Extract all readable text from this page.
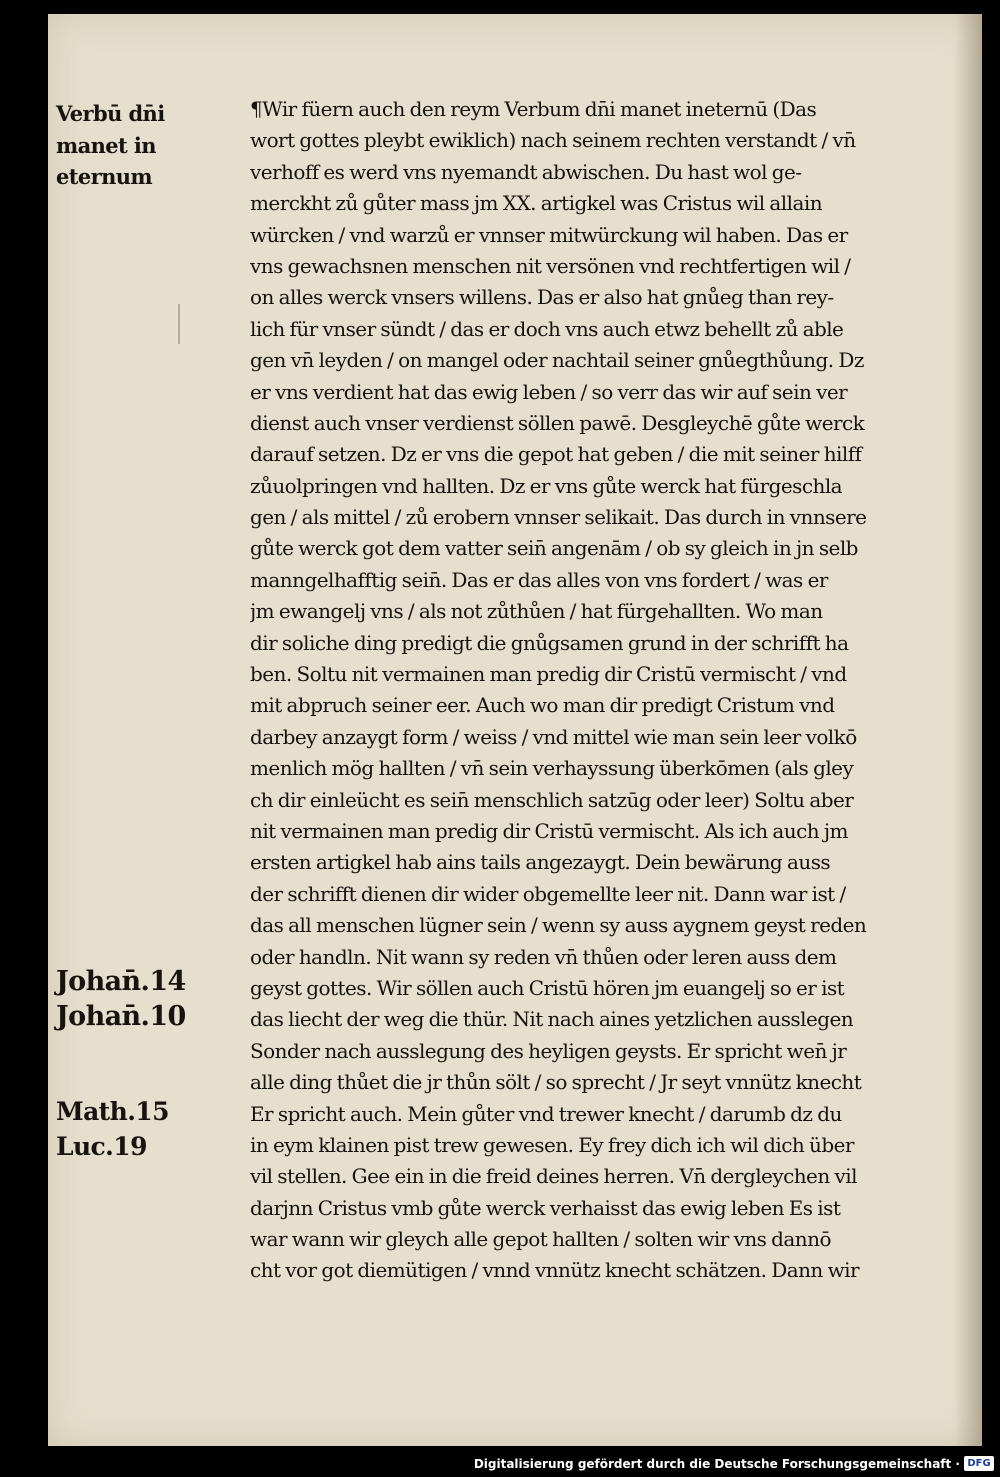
Verbū dn̄i
manet in
eternum
Johan̄.14
Johan̄.10
Math.15
Luc.19
¶Wir füern auch den reym Verbum dn̄i manet ineternū (Das
wort gottes pleybt ewiklich) nach seinem rechten verstandt / vn̄
verhoff es werd vns nyemandt abwischen. Du hast wol ge-
merckht zů gůter mass jm XX. artigkel was Cristus wil allain
würcken / vnd warzů er vnnser mitwürckung wil haben. Das er
vns gewachsnen menschen nit versönen vnd rechtfertigen wil /
on alles werck vnsers willens. Das er also hat gnůeg than rey-
lich für vnser sündt / das er doch vns auch etwz behellt zů able
gen vn̄ leyden / on mangel oder nachtail seiner gnůegthůung. Dz
er vns verdient hat das ewig leben / so verr das wir auf sein ver
dienst auch vnser verdienst söllen pawē. Desgleychē gůte werck
darauf setzen. Dz er vns die gepot hat geben / die mit seiner hilff
zůuolpringen vnd hallten. Dz er vns gůte werck hat fürgeschla
gen / als mittel / zů erobern vnnser selikait. Das durch in vnnsere
gůte werck got dem vatter sein̄ angenām / ob sy gleich in jn selb
manngelhafftig sein̄. Das er das alles von vns fordert / was er
jm ewangelj vns / als not zůthůen / hat fürgehallten. Wo man
dir soliche ding predigt die gnůgsamen grund in der schrifft ha
ben. Soltu nit vermainen man predig dir Cristū vermischt / vnd
mit abpruch seiner eer. Auch wo man dir predigt Cristum vnd
darbey anzaygt form / weiss / vnd mittel wie man sein leer volkō
menlich mög hallten / vn̄ sein verhayssung überkōmen (als gley
ch dir einleücht es sein̄ menschlich satzūg oder leer) Soltu aber
nit vermainen man predig dir Cristū vermischt. Als ich auch jm
ersten artigkel hab ains tails angezaygt. Dein bewärung auss
der schrifft dienen dir wider obgemellte leer nit. Dann war ist /
das all menschen lügner sein / wenn sy auss aygnem geyst reden
oder handln. Nit wann sy reden vn̄ thůen oder leren auss dem
geyst gottes. Wir söllen auch Cristū hören jm euangelj so er ist
das liecht der weg die thür. Nit nach aines yetzlichen ausslegen
Sonder nach ausslegung des heyligen geysts. Er spricht wen̄ jr
alle ding thůet die jr thůn sölt / so sprecht / Jr seyt vnnütz knecht
Er spricht auch. Mein gůter vnd trewer knecht / darumb dz du
in eym klainen pist trew gewesen. Ey frey dich ich wil dich über
vil stellen. Gee ein in die freid deines herren. Vn̄ dergleychen vil
darjnn Cristus vmb gůte werck verhaisst das ewig leben Es ist
war wann wir gleych alle gepot hallten / solten wir vns dannō
cht vor got diemütigen / vnnd vnnütz knecht schätzen. Dann wir
Digitalisierung gefördert durch die Deutsche Forschungsgemeinschaft · DFG
